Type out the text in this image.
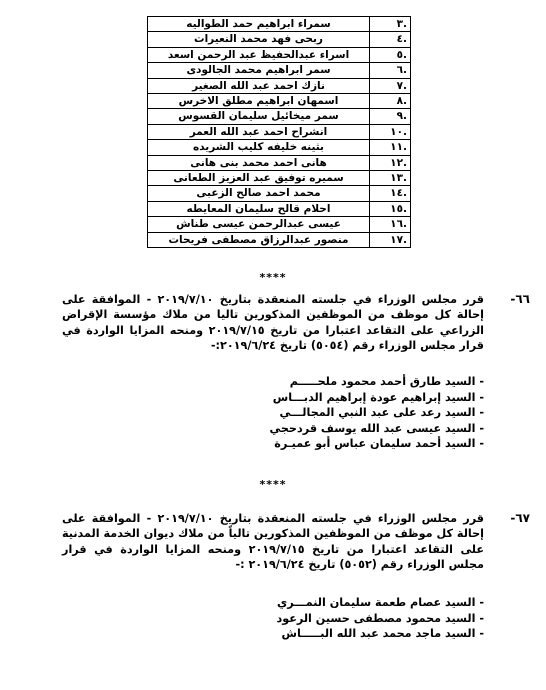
.٣	سمراء ابراهيم حمد الطواليه
.٤	ربحى فهد محمد النعيرات
.٥	اسراء عبدالحفيظ عبد الرحمن اسعد
.٦	سمر ابراهيم محمد الجالودى
.٧	نازك احمد عبد الله الصغير
.٨	اسمهان ابراهيم مطلق الاخرس
.٩	سمر ميخائيل سليمان القسوس
.١٠	انشراح احمد عبد الله العمر
.١١	بثينه خليفه كليب الشريده
.١٢	هانى احمد محمد بنى هانى
.١٣	سميره توفيق عبد العزيز الطعانى
.١٤	محمد احمد صالح الزعبى
.١٥	احلام قالح سليمان المعايطه
.١٦	عيسى عبدالرحمن عيسى طناش
.١٧	منصور عبدالرزاق مصطفى فريحات
****
٦٦-
قرر مجلس الوزراء في جلسته المنعقدة بتاريخ ٢٠١٩/٧/١٠ - الموافقة على إحالة كل موظف من الموظفين المذكورين تاليا من ملاك مؤسسة الإقراض الزراعي على التقاعد اعتبارا من تاريخ ٢٠١٩/٧/١٥ ومنحه المزايا الواردة في قرار مجلس الوزراء رقم (٥٠٥٤) تاريخ ٢٠١٩/٦/٢٤:-
- السيد طارق أحمد محمود ملحـــــم
- السيد إبراهيم عودة إبراهيم الدبـــاس
- السيد رعد على عبد النبي المجالـــي
- السيد عيسى عبد الله يوسف قردحجي
- السيد أحمد سليمان عباس أبو عميـرة
****
٦٧-
قرر مجلس الوزراء في جلسته المنعقدة بتاريخ ٢٠١٩/٧/١٠ - الموافقة على إحالة كل موظف من الموظفين المذكورين تالياً من ملاك ديوان الخدمة المدنية على التقاعد اعتبارا من تاريخ ٢٠١٩/٧/١٥ ومنحه المزايا الواردة في قرار مجلس الوزراء رقم (٥٠٥٢) تاريخ ٢٠١٩/٦/٢٤ :-
- السيد عصام طعمة سليمان النمـــري
- السيد محمود مصطفى حسين الرعود
- السيد ماجد محمد عبد الله البـــــاش
